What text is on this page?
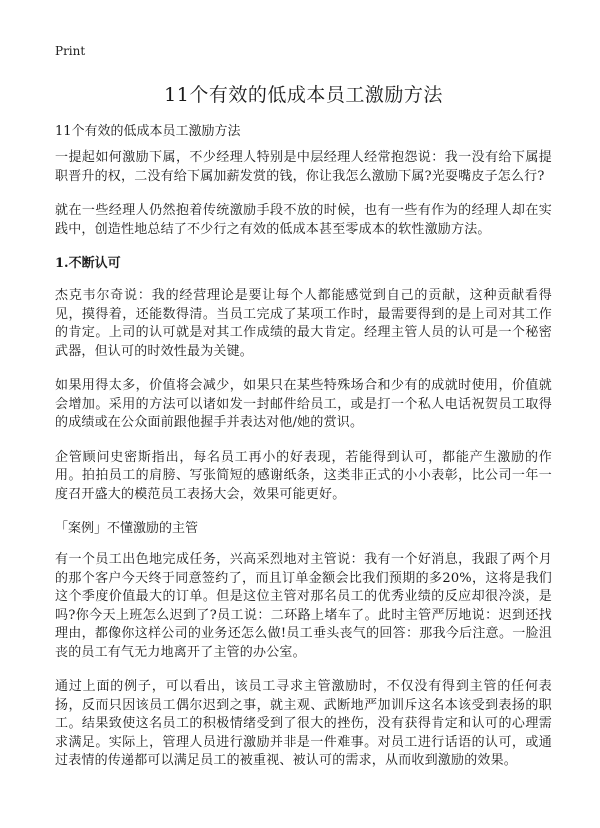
Print
11个有效的低成本员工激励方法

11个有效的低成本员工激励方法

一提起如何激励下属，不少经理人特别是中层经理人经常抱怨说：我一没有给下属提职晋升的权，二没有给下属加薪发赏的钱，你让我怎么激励下属?光耍嘴皮子怎么行?

就在一些经理人仍然抱着传统激励手段不放的时候，也有一些有作为的经理人却在实践中，创造性地总结了不少行之有效的低成本甚至零成本的软性激励方法。

1.不断认可

杰克韦尔奇说：我的经营理论是要让每个人都能感觉到自己的贡献，这种贡献看得见，摸得着，还能数得清。当员工完成了某项工作时，最需要得到的是上司对其工作的肯定。上司的认可就是对其工作成绩的最大肯定。经理主管人员的认可是一个秘密武器，但认可的时效性最为关键。

如果用得太多，价值将会减少，如果只在某些特殊场合和少有的成就时使用，价值就会增加。采用的方法可以诸如发一封邮件给员工，或是打一个私人电话祝贺员工取得的成绩或在公众面前跟他握手并表达对他/她的赏识。

企管顾问史密斯指出，每名员工再小的好表现，若能得到认可，都能产生激励的作用。拍拍员工的肩膀、写张简短的感谢纸条，这类非正式的小小表彰，比公司一年一度召开盛大的模范员工表扬大会，效果可能更好。

「案例」不懂激励的主管

有一个员工出色地完成任务，兴高采烈地对主管说：我有一个好消息，我跟了两个月的那个客户今天终于同意签约了，而且订单金额会比我们预期的多20%，这将是我们这个季度价值最大的订单。但是这位主管对那名员工的优秀业绩的反应却很冷淡，是吗?你今天上班怎么迟到了?员工说：二环路上堵车了。此时主管严厉地说：迟到还找理由，都像你这样公司的业务还怎么做!员工垂头丧气的回答：那我今后注意。一脸沮丧的员工有气无力地离开了主管的办公室。

通过上面的例子，可以看出，该员工寻求主管激励时，不仅没有得到主管的任何表扬，反而只因该员工偶尔迟到之事，就主观、武断地严加训斥这名本该受到表扬的职工。结果致使这名员工的积极情绪受到了很大的挫伤，没有获得肯定和认可的心理需求满足。实际上，管理人员进行激励并非是一件难事。对员工进行话语的认可，或通过表情的传递都可以满足员工的被重视、被认可的需求，从而收到激励的效果。
